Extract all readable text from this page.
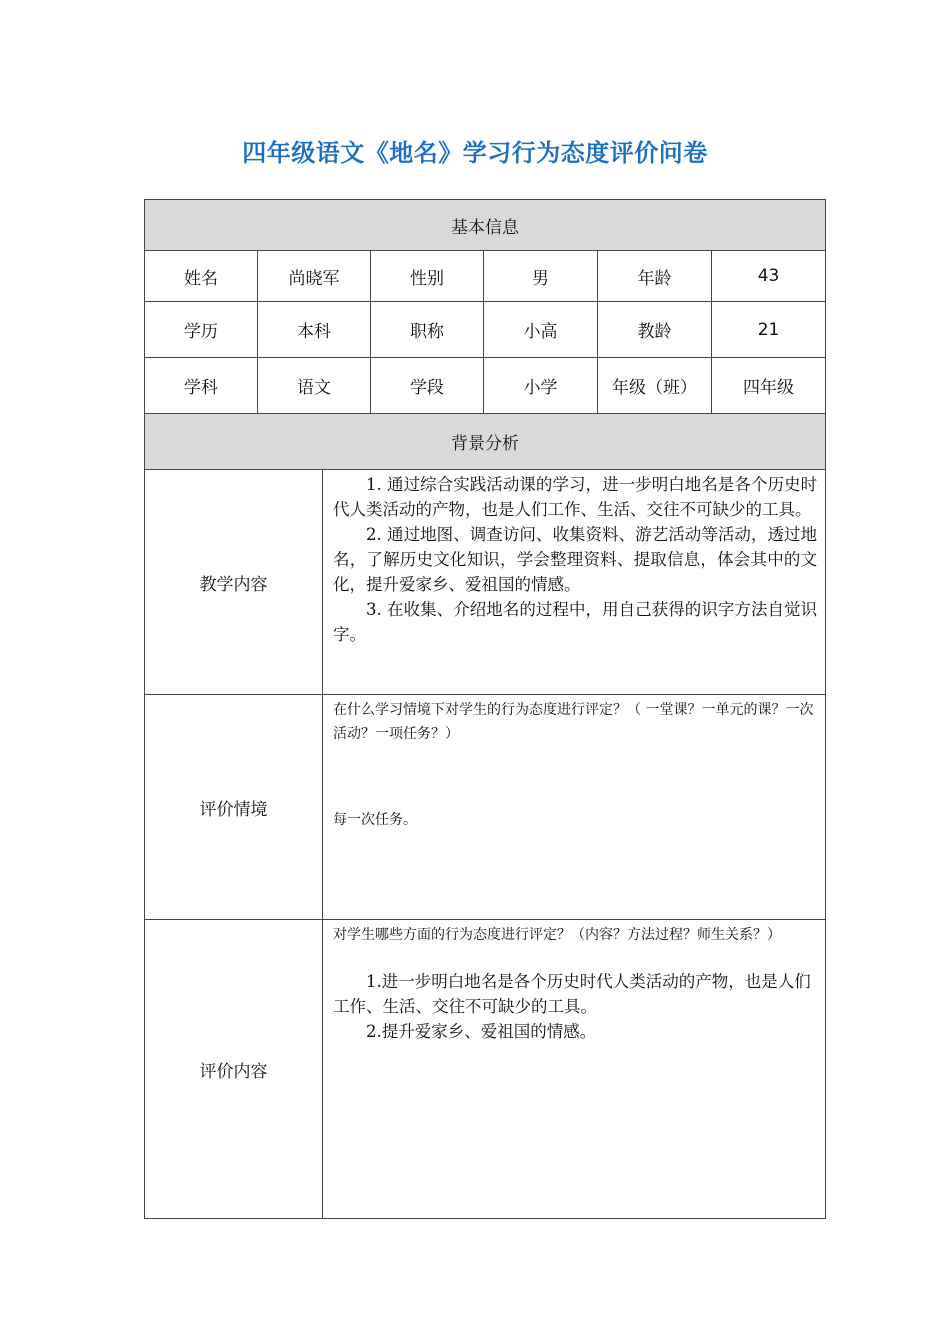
四年级语文《地名》学习行为态度评价问卷
基本信息						
姓名	尚晓军		性别	男	年龄	43
学历	本科		职称	小高	教龄	21
学科	语文		学段	小学	年级（班）	四年级
背景分析						
教学内容		1. 通过综合实践活动课的学习，进一步明白地名是各个历史时代人类活动的产物，也是人们工作、生活、交往不可缺少的工具。

2. 通过地图、调查访问、收集资料、游艺活动等活动，透过地名，了解历史文化知识，学会整理资料、提取信息，体会其中的文化，提升爱家乡、爱祖国的情感。

3. 在收集、介绍地名的过程中，用自己获得的识字方法自觉识字。				

评价情境		在什么学习情境下对学生的行为态度进行评定？（ 一堂课？一单元的课？一次活动？一项任务？）
每一次任务。				

评价内容		对学生哪些方面的行为态度进行评定？（内容？方法过程？师生关系？）

1.进一步明白地名是各个历史时代人类活动的产物，也是人们工作、生活、交往不可缺少的工具。

2.提升爱家乡、爱祖国的情感。				
